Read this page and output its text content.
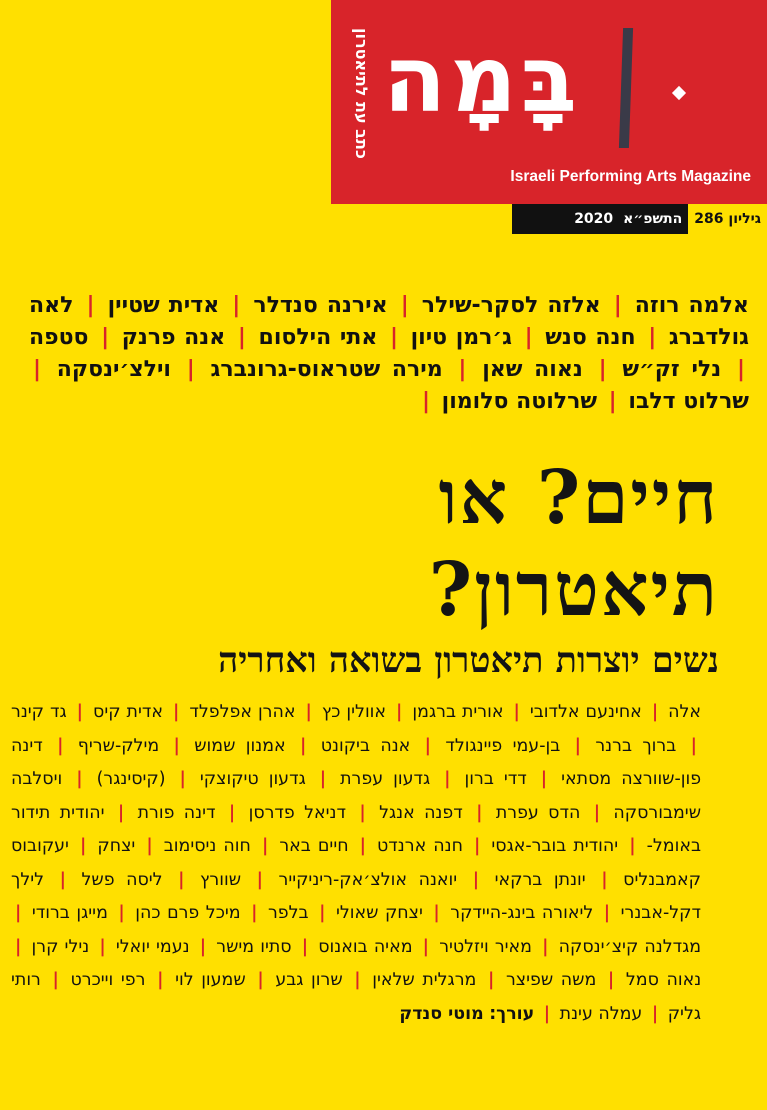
בָּמָה
כתב עת לתיאטרון
Israeli Performing Arts Magazine
גיליון 286
התשפ״א
2020
אלמה רוזה | אלזה לסקר-שילר | אירנה סנדלר | אדית שטיין | לאה גולדברג | חנה סנש | ג׳רמן טיון | אתי הילסום | אנה פרנק | סטפה | נלי זק״ש | נאוה שאן | מירה שטראוס-גרונברג | וילצ׳ינסקה | שרלוט דלבו | שרלוטה סלומון |
חיים? או
תיאטרון?
נשים יוצרות תיאטרון בשואה ואחריה
אלה | אחינעם אלדובי | אורית ברגמן | אוולין כץ | אהרן אפלפלד | אדית קיס | גד קינר | ברוך ברנר | בן-עמי פיינגולד | אנה ביקונט | אמנון שמוש | מילק-שריף | דינה פון-שוורצה מסתאי | דדי ברון | גדעון עפרת | גדעון טיקוצקי | (קיסינגר) | ויסלבה שימבורסקה | הדס עפרת | דפנה אנגל | דניאל פדרסן | דינה פורת | יהודית תידור באומל- | יהודית בובר-אגסי | חנה ארנדט | חיים באר | חוה ניסימוב | יצחק | יעקובוס קאמבנליס | יונתן ברקאי | יואנה אולצ׳אק-ריניקייר | שוורץ | ליסה פשל | לילך דקל-אבנרי | ליאורה בינג-היידקר | יצחק שאולי | בלפר | מיכל פרם כהן | מייגן ברודי | מגדלנה קיצ׳ינסקה | מאיר ויזלטיר | מאיה בואנוס | סתיו מישר | נעמי יואלי | נילי קרן | נאוה סמל | משה שפיצר | מרגלית שלאין | שרון גבע | שמעון לוי | רפי וייכרט | רותי גליק | עמלה עינת | עורך: מוטי סנדק
